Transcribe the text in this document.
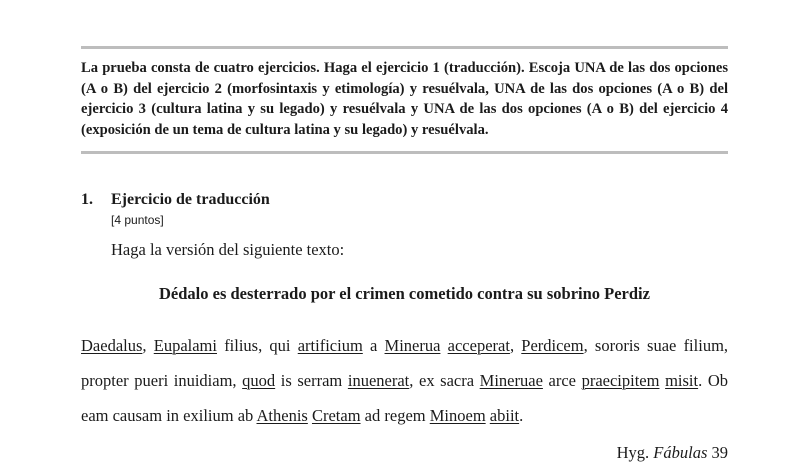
La prueba consta de cuatro ejercicios. Haga el ejercicio 1 (traducción). Escoja UNA de las dos opciones (A o B) del ejercicio 2 (morfosintaxis y etimología) y resuélvala, UNA de las dos opciones (A o B) del ejercicio 3 (cultura latina y su legado) y resuélvala y UNA de las dos opciones (A o B) del ejercicio 4 (exposición de un tema de cultura latina y su legado) y resuélvala.

1. Ejercicio de traducción
[4 puntos]
Haga la versión del siguiente texto:
Dédalo es desterrado por el crimen cometido contra su sobrino Perdiz

Daedalus, Eupalami filius, qui artificium a Minerua acceperat, Perdicem, sororis suae filium, propter pueri inuidiam, quod is serram inuenerat, ex sacra Mineruae arce praecipitem misit. Ob eam causam in exilium ab Athenis Cretam ad regem Minoem abiit.

Hyg. Fábulas 39
